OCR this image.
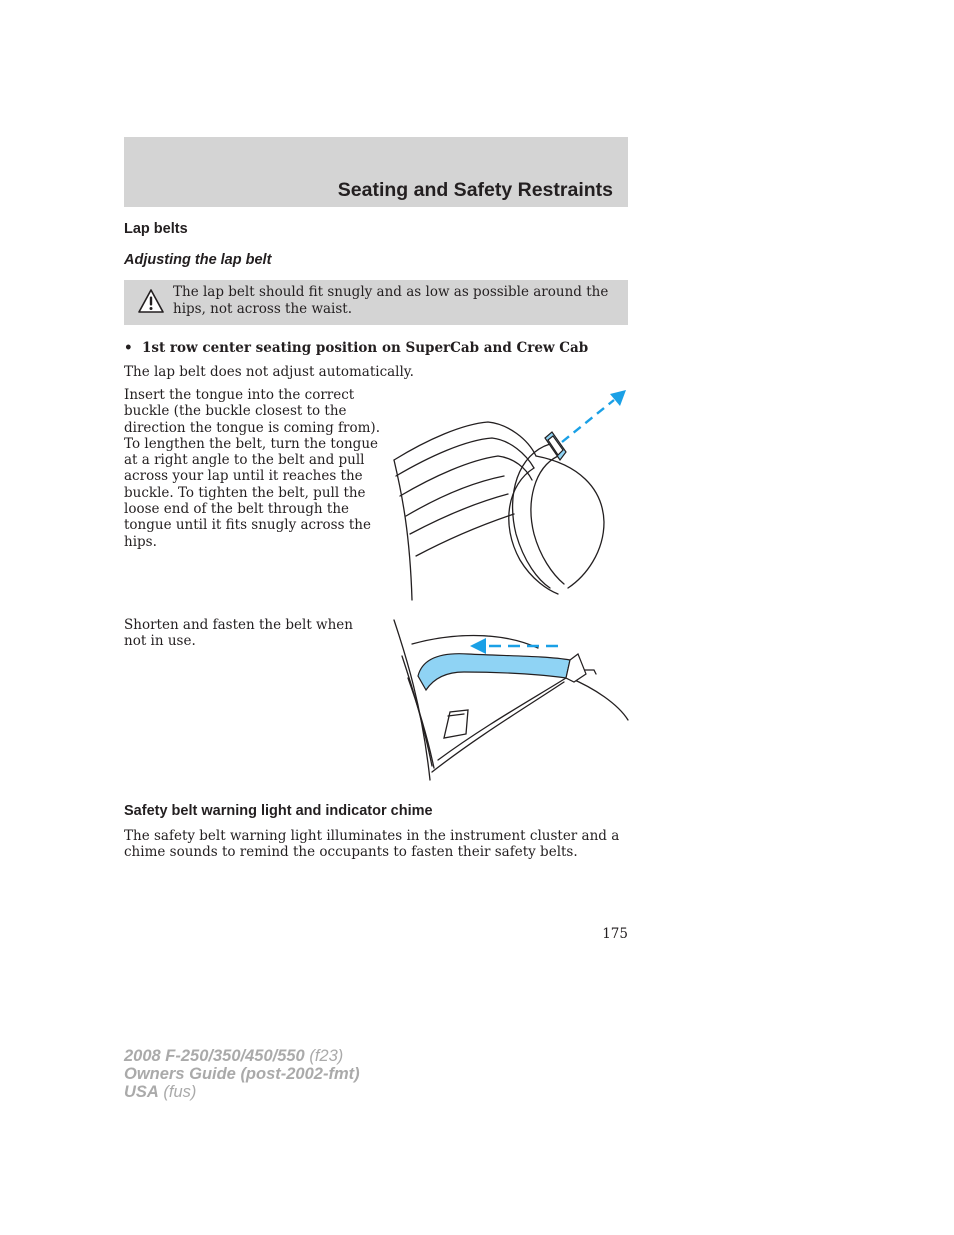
Seating and Safety Restraints
Lap belts
Adjusting the lap belt

The lap belt should fit snugly and as low as possible around the hips, not across the waist.

• 1st row center seating position on SuperCab and Crew Cab

The lap belt does not adjust automatically.

Insert the tongue into the correct buckle (the buckle closest to the direction the tongue is coming from). To lengthen the belt, turn the tongue at a right angle to the belt and pull across your lap until it reaches the buckle. To tighten the belt, pull the loose end of the belt through the tongue until it fits snugly across the hips.

Shorten and fasten the belt when not in use.

Safety belt warning light and indicator chime

The safety belt warning light illuminates in the instrument cluster and a chime sounds to remind the occupants to fasten their safety belts.

175

2008 F-250/350/450/550 (f23)
Owners Guide (post-2002-fmt)
USA (fus)
